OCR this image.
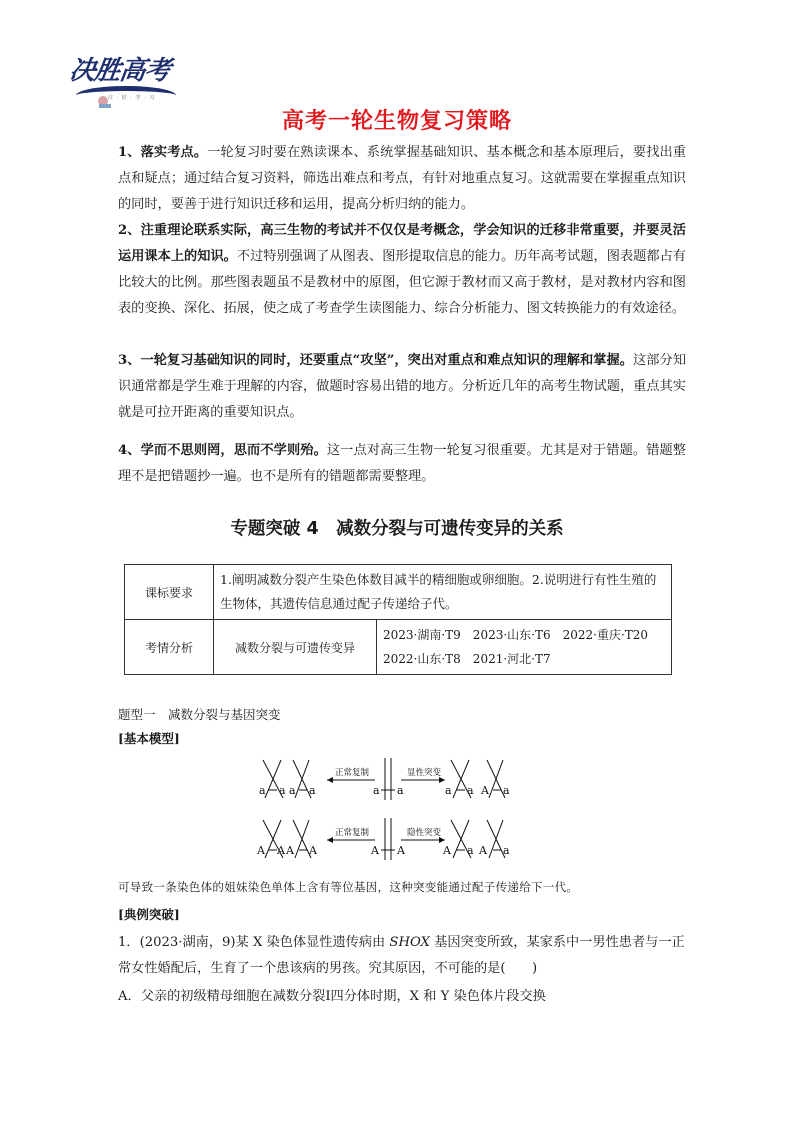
决胜高考
注 · 好 · 学 · 习
高考一轮生物复习策略
1、落实考点。一轮复习时要在熟读课本、系统掌握基础知识、基本概念和基本原理后，要找出重点和疑点；通过结合复习资料，筛选出难点和考点，有针对地重点复习。这就需要在掌握重点知识的同时，要善于进行知识迁移和运用，提高分析归纳的能力。
2、注重理论联系实际，高三生物的考试并不仅仅是考概念，学会知识的迁移非常重要，并要灵活运用课本上的知识。不过特别强调了从图表、图形提取信息的能力。历年高考试题，图表题都占有比较大的比例。那些图表题虽不是教材中的原图，但它源于教材而又高于教材，是对教材内容和图表的变换、深化、拓展，使之成了考查学生读图能力、综合分析能力、图文转换能力的有效途径。
3、一轮复习基础知识的同时，还要重点“攻坚”，突出对重点和难点知识的理解和掌握。这部分知识通常都是学生难于理解的内容，做题时容易出错的地方。分析近几年的高考生物试题，重点其实就是可拉开距离的重要知识点。
4、学而不思则罔，思而不学则殆。这一点对高三生物一轮复习很重要。尤其是对于错题。错题整理不是把错题抄一遍。也不是所有的错题都需要整理。
专题突破 4　减数分裂与可遗传变异的关系
课标要求	1.阐明减数分裂产生染色体数目减半的精细胞或卵细胞。2.说明进行有性生殖的生物体，其遗传信息通过配子传递给子代。	
考情分析	减数分裂与可遗传变异	2023·湖南·T9　2023·山东·T6　2022·重庆·T20
2022·山东·T8　2021·河北·T7
题型一　减数分裂与基因突变
[基本模型]
a a a a	a a	a a A a
A A A A	A A	A a A a
正常复制	显性突变
正常复制	隐性突变
可导致一条染色体的姐妹染色单体上含有等位基因，这种突变能通过配子传递给下一代。
[典例突破]
1．(2023·湖南，9)某 X 染色体显性遗传病由 SHOX 基因突变所致，某家系中一男性患者与一正常女性婚配后，生育了一个患该病的男孩。究其原因，不可能的是(　　)
A．父亲的初级精母细胞在减数分裂Ⅰ四分体时期，X 和 Y 染色体片段交换
